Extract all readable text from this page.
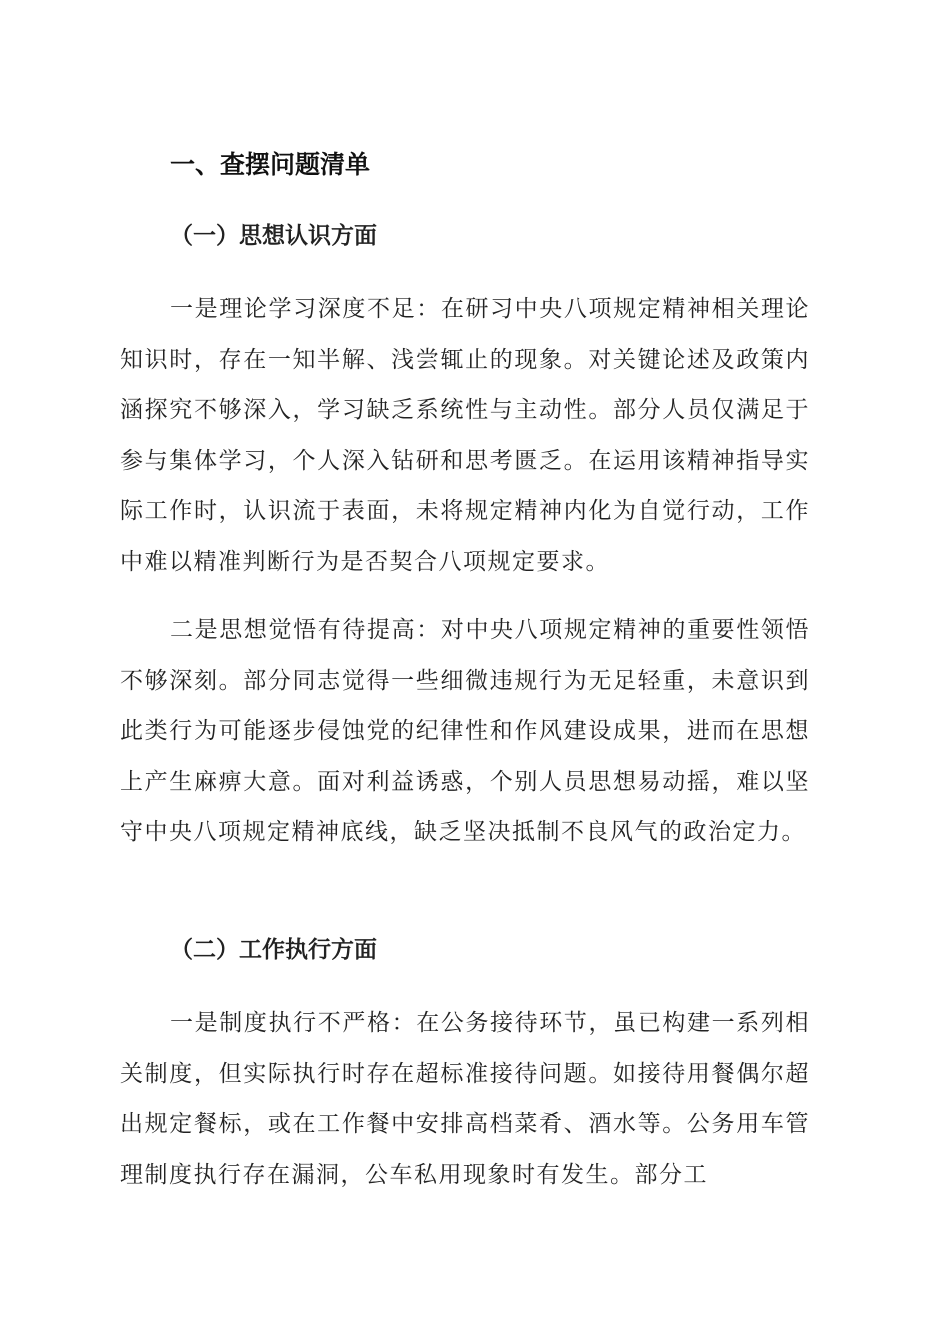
一、查摆问题清单
（一）思想认识方面

一是理论学习深度不足：在研习中央八项规定精神相关理论知识时，存在一知半解、浅尝辄止的现象。对关键论述及政策内涵探究不够深入，学习缺乏系统性与主动性。部分人员仅满足于参与集体学习，个人深入钻研和思考匮乏。在运用该精神指导实际工作时，认识流于表面，未将规定精神内化为自觉行动，工作中难以精准判断行为是否契合八项规定要求。

二是思想觉悟有待提高：对中央八项规定精神的重要性领悟不够深刻。部分同志觉得一些细微违规行为无足轻重，未意识到此类行为可能逐步侵蚀党的纪律性和作风建设成果，进而在思想上产生麻痹大意。面对利益诱惑，个别人员思想易动摇，难以坚守中央八项规定精神底线，缺乏坚决抵制不良风气的政治定力。

（二）工作执行方面

一是制度执行不严格：在公务接待环节，虽已构建一系列相关制度，但实际执行时存在超标准接待问题。如接待用餐偶尔超出规定餐标，或在工作餐中安排高档菜肴、酒水等。公务用车管理制度执行存在漏洞，公车私用现象时有发生。部分工
